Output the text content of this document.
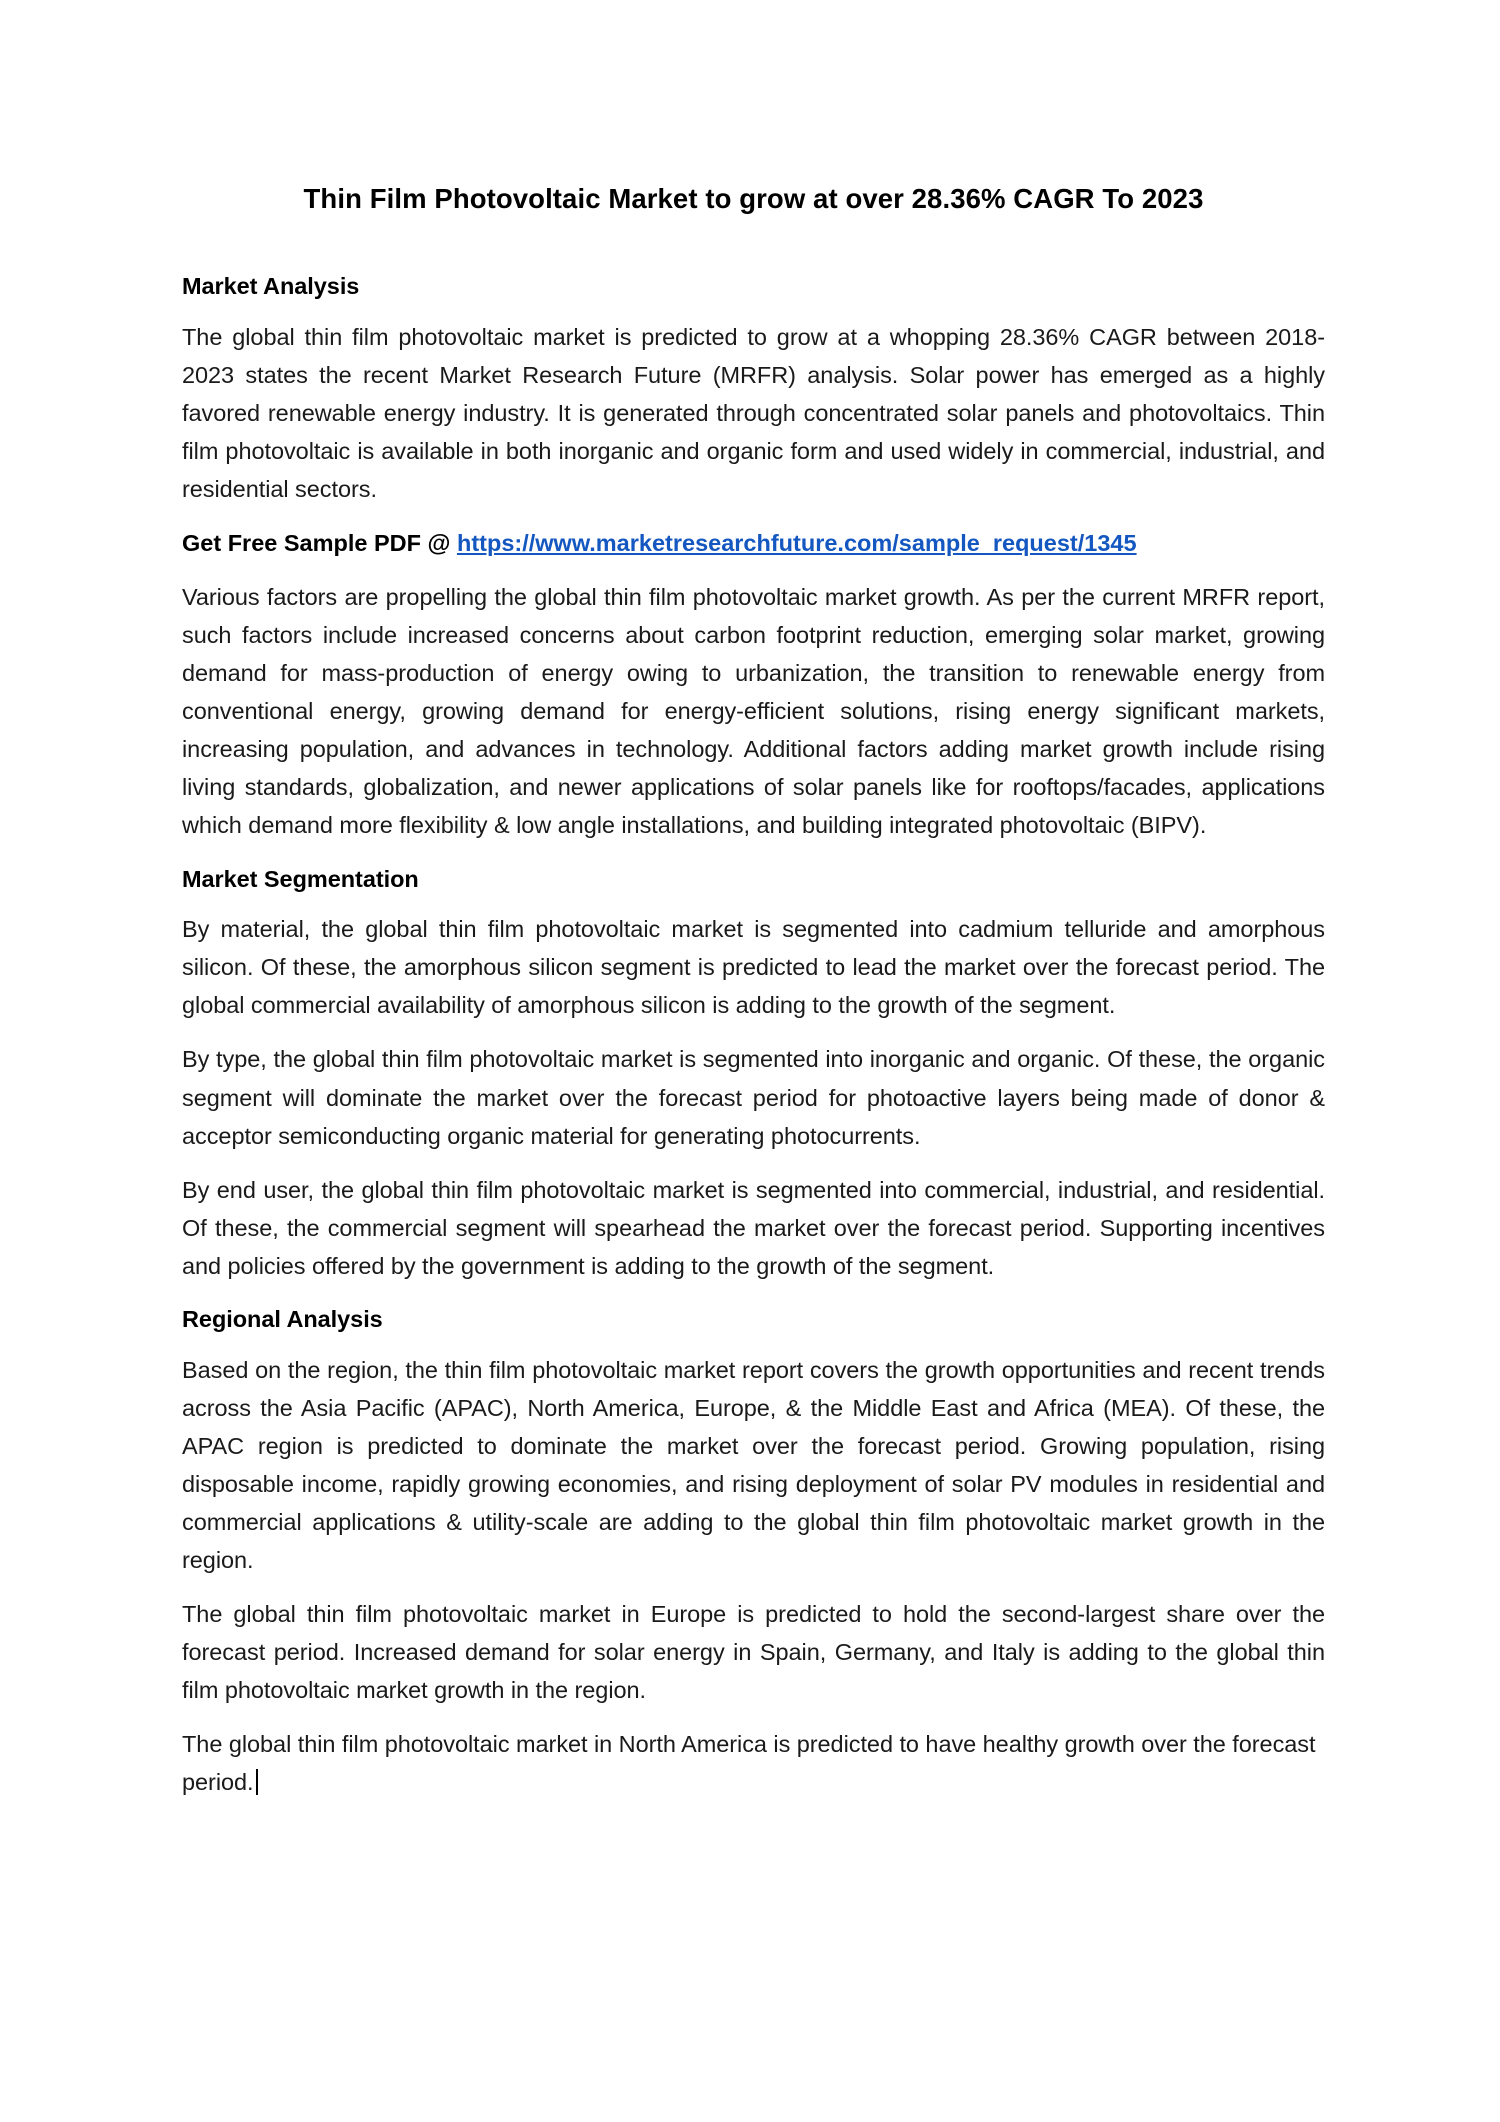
Thin Film Photovoltaic Market to grow at over 28.36% CAGR To 2023
Market Analysis

The global thin film photovoltaic market is predicted to grow at a whopping 28.36% CAGR between 2018- 2023 states the recent Market Research Future (MRFR) analysis. Solar power has emerged as a highly favored renewable energy industry. It is generated through concentrated solar panels and photovoltaics. Thin film photovoltaic is available in both inorganic and organic form and used widely in commercial, industrial, and residential sectors.

Get Free Sample PDF @ https://www.marketresearchfuture.com/sample_request/1345

Various factors are propelling the global thin film photovoltaic market growth. As per the current MRFR report, such factors include increased concerns about carbon footprint reduction, emerging solar market, growing demand for mass-production of energy owing to urbanization, the transition to renewable energy from conventional energy, growing demand for energy-efficient solutions, rising energy significant markets, increasing population, and advances in technology. Additional factors adding market growth include rising living standards, globalization, and newer applications of solar panels like for rooftops/facades, applications which demand more flexibility & low angle installations, and building integrated photovoltaic (BIPV).

Market Segmentation

By material, the global thin film photovoltaic market is segmented into cadmium telluride and amorphous silicon. Of these, the amorphous silicon segment is predicted to lead the market over the forecast period. The global commercial availability of amorphous silicon is adding to the growth of the segment.

By type, the global thin film photovoltaic market is segmented into inorganic and organic. Of these, the organic segment will dominate the market over the forecast period for photoactive layers being made of donor & acceptor semiconducting organic material for generating photocurrents.

By end user, the global thin film photovoltaic market is segmented into commercial, industrial, and residential. Of these, the commercial segment will spearhead the market over the forecast period. Supporting incentives and policies offered by the government is adding to the growth of the segment.

Regional Analysis

Based on the region, the thin film photovoltaic market report covers the growth opportunities and recent trends across the Asia Pacific (APAC), North America, Europe, & the Middle East and Africa (MEA). Of these, the APAC region is predicted to dominate the market over the forecast period. Growing population, rising disposable income, rapidly growing economies, and rising deployment of solar PV modules in residential and commercial applications & utility-scale are adding to the global thin film photovoltaic market growth in the region.

The global thin film photovoltaic market in Europe is predicted to hold the second-largest share over the forecast period. Increased demand for solar energy in Spain, Germany, and Italy is adding to the global thin film photovoltaic market growth in the region.

The global thin film photovoltaic market in North America is predicted to have healthy growth over the forecast period.
